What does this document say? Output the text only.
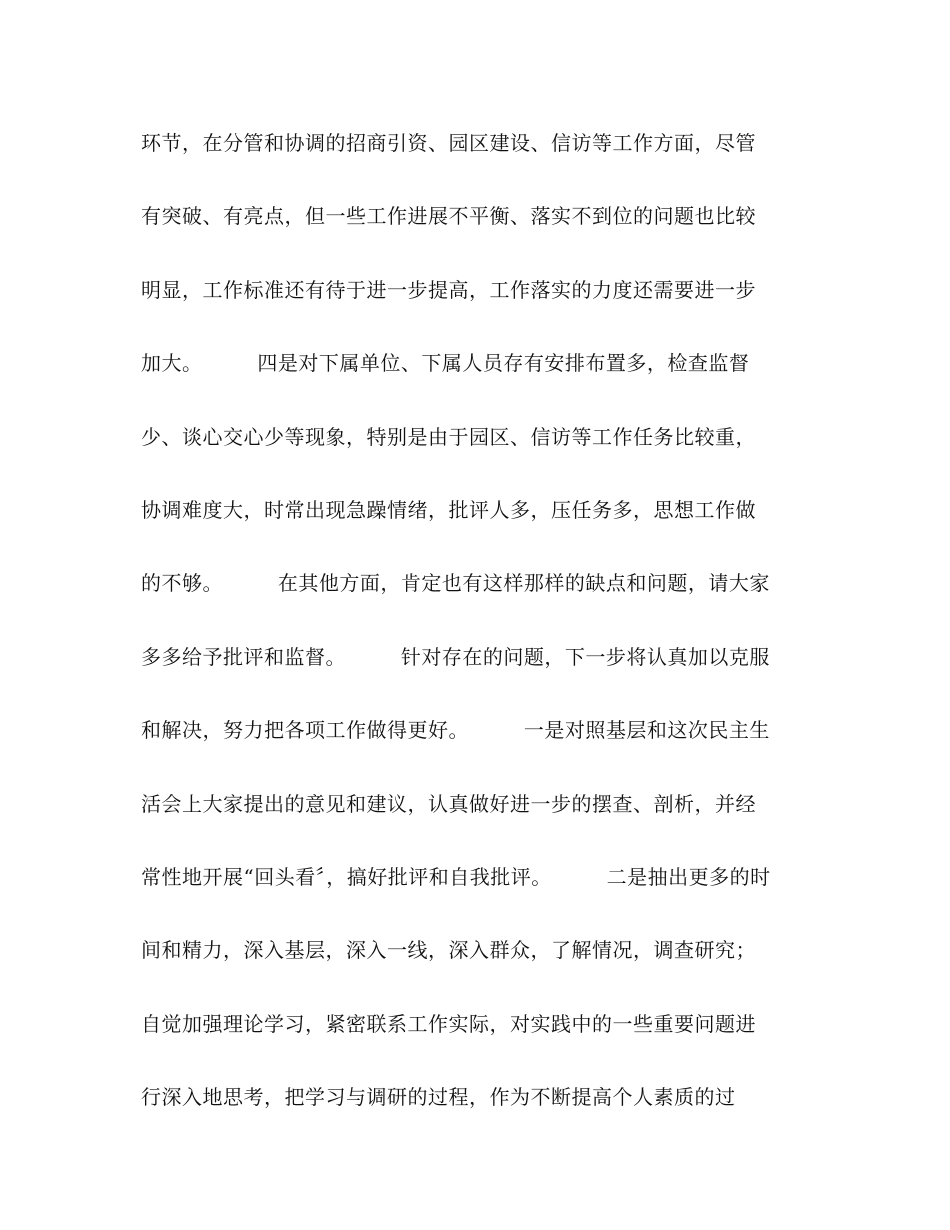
环节，在分管和协调的招商引资、园区建设、信访等工作方面，尽管
有突破、有亮点，但一些工作进展不平衡、落实不到位的问题也比较
明显，工作标准还有待于进一步提高，工作落实的力度还需要进一步
加大。        四是对下属单位、下属人员存有安排布置多，检查监督
少、谈心交心少等现象，特别是由于园区、信访等工作任务比较重，
协调难度大，时常出现急躁情绪，批评人多，压任务多，思想工作做
的不够。        在其他方面，肯定也有这样那样的缺点和问题，请大家
多多给予批评和监督。        针对存在的问题，下一步将认真加以克服
和解决，努力把各项工作做得更好。        一是对照基层和这次民主生
活会上大家提出的意见和建议，认真做好进一步的摆查、剖析，并经
常性地开展“回头看〞，搞好批评和自我批评。        二是抽出更多的时
间和精力，深入基层，深入一线，深入群众，了解情况，调查研究；
自觉加强理论学习，紧密联系工作实际，对实践中的一些重要问题进
行深入地思考，把学习与调研的过程，作为不断提高个人素质的过
